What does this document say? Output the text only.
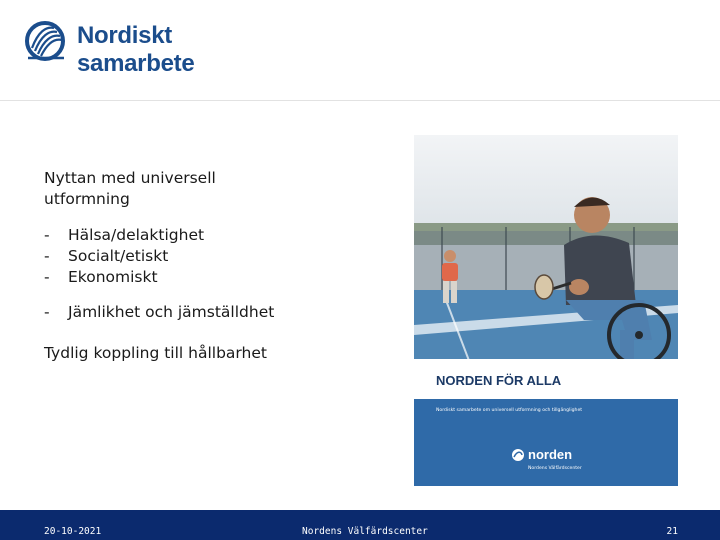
Nordiskt
samarbete

Nyttan med universell
utformning

- Hälsa/delaktighet
- Socialt/etiskt
- Ekonomiskt
- Jämlikhet och jämställdhet

Tydlig koppling till hållbarhet

NORDEN FÖR ALLA
Nordiskt samarbete om universell utformning och tillgänglighet
norden
Nordens Välfärdscenter
20-10-2021	Nordens Välfärdscenter	21
